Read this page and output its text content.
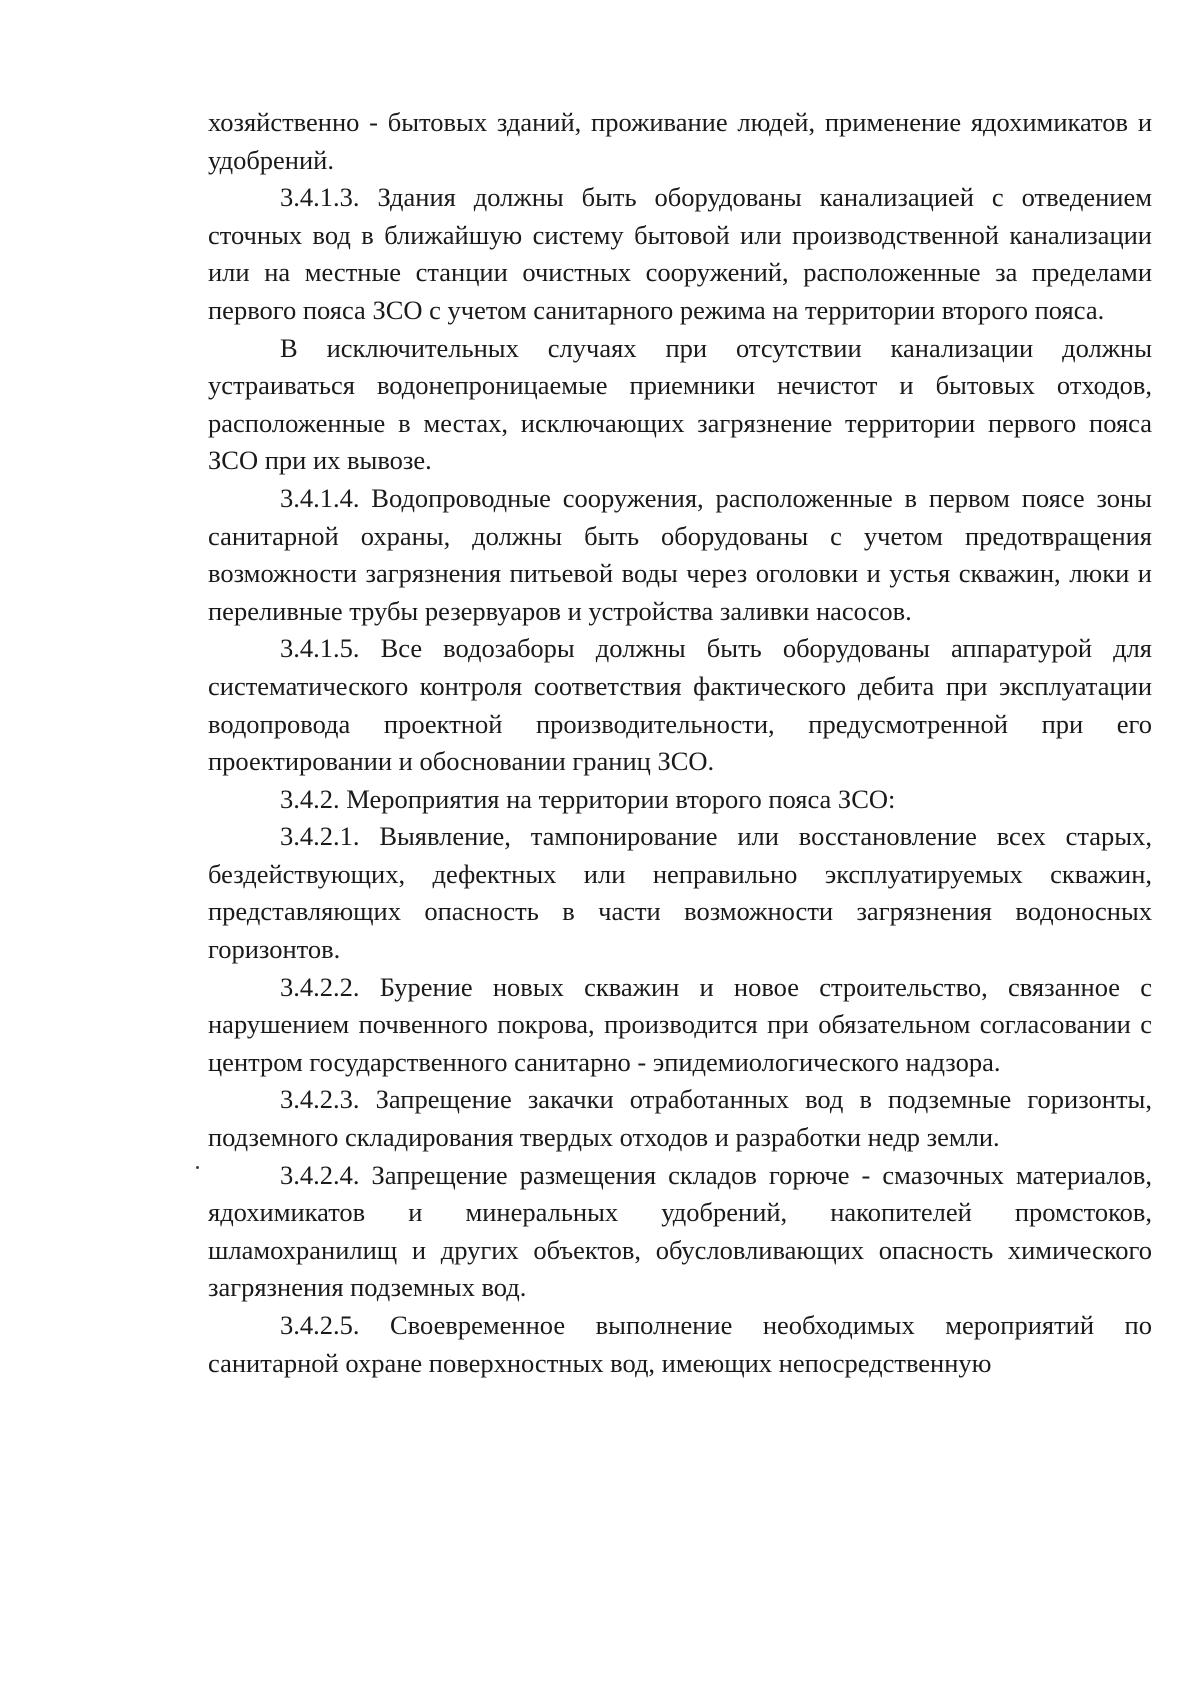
хозяйственно - бытовых зданий, проживание людей, применение ядохимикатов и удобрений.

3.4.1.3. Здания должны быть оборудованы канализацией с отведением сточных вод в ближайшую систему бытовой или производственной канализации или на местные станции очистных сооружений, расположенные за пределами первого пояса ЗСО с учетом санитарного режима на территории второго пояса.

В исключительных случаях при отсутствии канализации должны устраиваться водонепроницаемые приемники нечистот и бытовых отходов, расположенные в местах, исключающих загрязнение территории первого пояса ЗСО при их вывозе.

3.4.1.4. Водопроводные сооружения, расположенные в первом поясе зоны санитарной охраны, должны быть оборудованы с учетом предотвращения возможности загрязнения питьевой воды через оголовки и устья скважин, люки и переливные трубы резервуаров и устройства заливки насосов.

3.4.1.5. Все водозаборы должны быть оборудованы аппаратурой для систематического контроля соответствия фактического дебита при эксплуатации водопровода проектной производительности, предусмотренной при его проектировании и обосновании границ ЗСО.

3.4.2. Мероприятия на территории второго пояса ЗСО:

3.4.2.1. Выявление, тампонирование или восстановление всех старых, бездействующих, дефектных или неправильно эксплуатируемых скважин, представляющих опасность в части возможности загрязнения водоносных горизонтов.

3.4.2.2. Бурение новых скважин и новое строительство, связанное с нарушением почвенного покрова, производится при обязательном согласовании с центром государственного санитарно - эпидемиологического надзора.

3.4.2.3. Запрещение закачки отработанных вод в подземные горизонты, подземного складирования твердых отходов и разработки недр земли.

3.4.2.4. Запрещение размещения складов горюче - смазочных материалов, ядохимикатов и минеральных удобрений, накопителей промстоков, шламохранилищ и других объектов, обусловливающих опасность химического загрязнения подземных вод.

3.4.2.5. Своевременное выполнение необходимых мероприятий по санитарной охране поверхностных вод, имеющих непосредственную
